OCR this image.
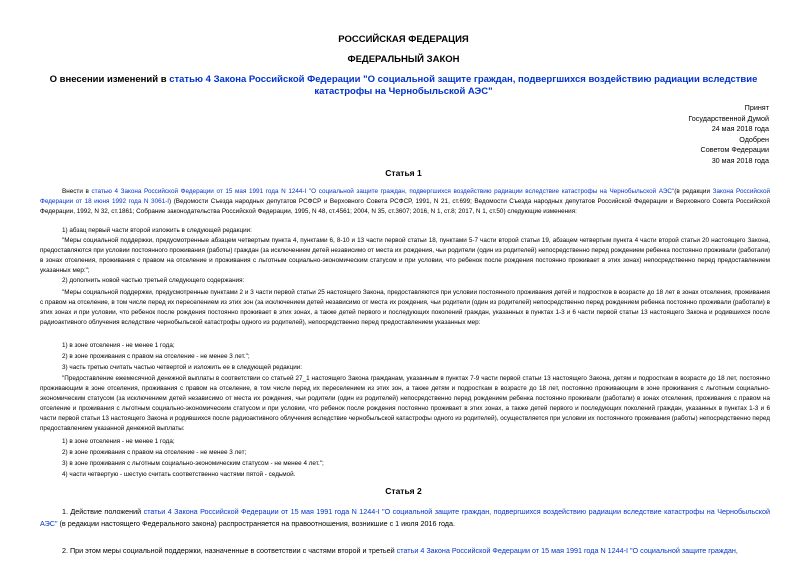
РОССИЙСКАЯ ФЕДЕРАЦИЯ
ФЕДЕРАЛЬНЫЙ ЗАКОН
О внесении изменений в статью 4 Закона Российской Федерации "О социальной защите граждан, подвергшихся воздействию радиации вследствие катастрофы на Чернобыльской АЭС"
Принят
Государственной Думой
24 мая 2018 года
Одобрен
Советом Федерации
30 мая 2018 года
Статья 1

Внести в статью 4 Закона Российской Федерации от 15 мая 1991 года N 1244-I "О социальной защите граждан, подвергшихся воздействию радиации вследствие катастрофы на Чернобыльской АЭС"(в редакции Закона Российской Федерации от 18 июня 1992 года N 3061-I) (Ведомости Съезда народных депутатов РСФСР и Верховного Совета РСФСР, 1991, N 21, ст.699; Ведомости Съезда народных депутатов Российской Федерации и Верховного Совета Российской Федерации, 1992, N 32, ст.1861; Собрание законодательства Российской Федерации, 1995, N 48, ст.4561; 2004, N 35, ст.3607; 2016, N 1, ст.8; 2017, N 1, ст.50) следующие изменения:

1) абзац первый части второй изложить в следующей редакции:

"Меры социальной поддержки, предусмотренные абзацем четвертым пункта 4, пунктами 6, 8-10 и 13 части первой статьи 18, пунктами 5-7 части второй статьи 19, абзацем четвертым пункта 4 части второй статьи 20 настоящего Закона, предоставляются при условии постоянного проживания (работы) граждан (за исключением детей независимо от места их рождения, чьи родители (один из родителей) непосредственно перед рождением ребенка постоянно проживали (работали) в зонах отселения, проживания с правом на отселение и проживания с льготным социально-экономическим статусом и при условии, что ребенок после рождения постоянно проживает в этих зонах) непосредственно перед предоставлением указанных мер:";

2) дополнить новой частью третьей следующего содержания:

"Меры социальной поддержки, предусмотренные пунктами 2 и 3 части первой статьи 25 настоящего Закона, предоставляются при условии постоянного проживания детей и подростков в возрасте до 18 лет в зонах отселения, проживания с правом на отселение, в том числе перед их переселением из этих зон (за исключением детей независимо от места их рождения, чьи родители (один из родителей) непосредственно перед рождением ребенка постоянно проживали (работали) в этих зонах и при условии, что ребенок после рождения постоянно проживает в этих зонах, а также детей первого и последующих поколений граждан, указанных в пунктах 1-3 и 6 части первой статьи 13 настоящего Закона и родившихся после радиоактивного облучения вследствие чернобыльской катастрофы одного из родителей), непосредственно перед предоставлением указанных мер:

1) в зоне отселения - не менее 1 года;

2) в зоне проживания с правом на отселение - не менее 3 лет.";

3) часть третью считать частью четвертой и изложить ее в следующей редакции:

"Предоставление ежемесячной денежной выплаты в соответствии со статьей 27_1 настоящего Закона гражданам, указанным в пунктах 7-9 части первой статьи 13 настоящего Закона, детям и подросткам в возрасте до 18 лет, постоянно проживающим в зоне отселения, проживания с правом на отселение, в том числе перед их переселением из этих зон, а также детям и подросткам в возрасте до 18 лет, постоянно проживающим в зоне проживания с льготным социально-экономическим статусом (за исключением детей независимо от места их рождения, чьи родители (один из родителей) непосредственно перед рождением ребенка постоянно проживали (работали) в зонах отселения, проживания с правом на отселение и проживания с льготным социально-экономическим статусом и при условии, что ребенок после рождения постоянно проживает в этих зонах, а также детей первого и последующих поколений граждан, указанных в пунктах 1-3 и 6 части первой статьи 13 настоящего Закона и родившихся после радиоактивного облучения вследствие чернобыльской катастрофы одного из родителей), осуществляется при условии их постоянного проживания (работы) непосредственно перед предоставлением указанной денежной выплаты:

1) в зоне отселения - не менее 1 года;

2) в зоне проживания с правом на отселение - не менее 3 лет;

3) в зоне проживания с льготным социально-экономическим статусом - не менее 4 лет.";

4) части четвертую - шестую считать соответственно частями пятой - седьмой.

Статья 2

1. Действие положений статьи 4 Закона Российской Федерации от 15 мая 1991 года N 1244-I "О социальной защите граждан, подвергшихся воздействию радиации вследствие катастрофы на Чернобыльской АЭС" (в редакции настоящего Федерального закона) распространяется на правоотношения, возникшие с 1 июля 2016 года.

2. При этом меры социальной поддержки, назначенные в соответствии с частями второй и третьей статьи 4 Закона Российской Федерации от 15 мая 1991 года N 1244-I "О социальной защите граждан,
